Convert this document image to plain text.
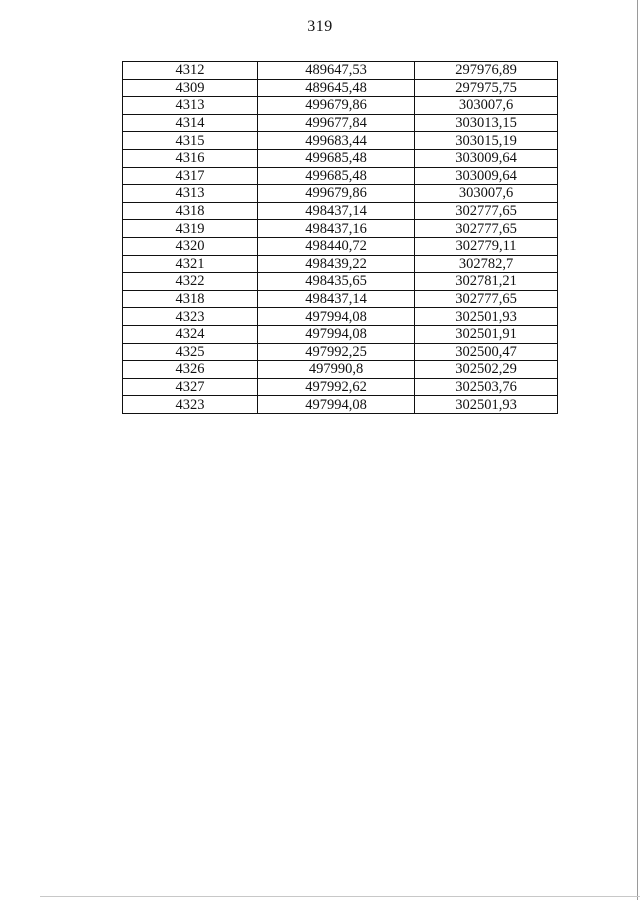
319
4312	489647,53	297976,89
4309	489645,48	297975,75
4313	499679,86	303007,6
4314	499677,84	303013,15
4315	499683,44	303015,19
4316	499685,48	303009,64
4317	499685,48	303009,64
4313	499679,86	303007,6
4318	498437,14	302777,65
4319	498437,16	302777,65
4320	498440,72	302779,11
4321	498439,22	302782,7
4322	498435,65	302781,21
4318	498437,14	302777,65
4323	497994,08	302501,93
4324	497994,08	302501,91
4325	497992,25	302500,47
4326	497990,8	302502,29
4327	497992,62	302503,76
4323	497994,08	302501,93
